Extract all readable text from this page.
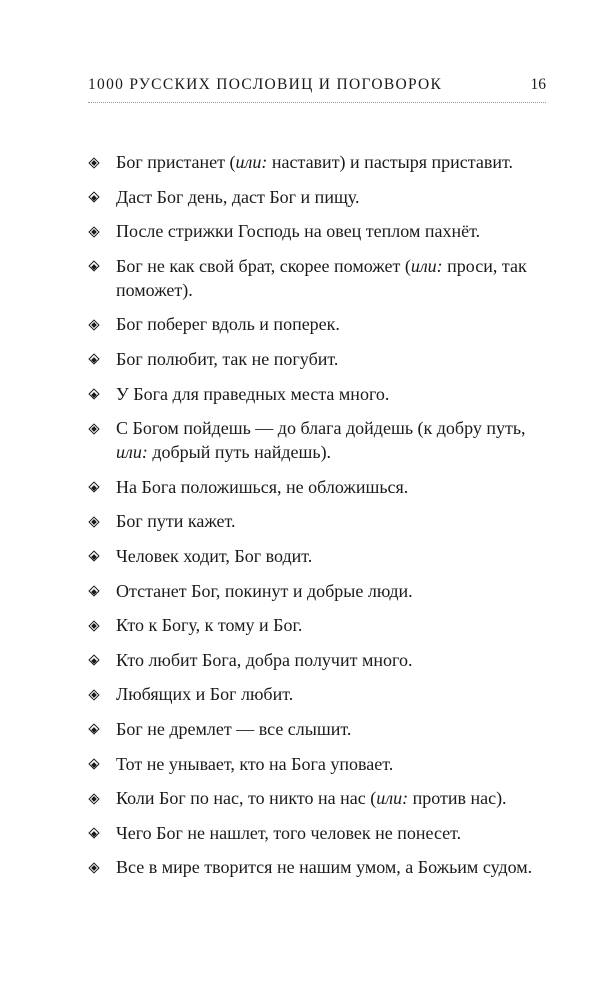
1000 РУССКИХ ПОСЛОВИЦ И ПОГОВОРОК	16
Бог пристанет (или: наставит) и пастыря приставит.
Даст Бог день, даст Бог и пищу.
После стрижки Господь на овец теплом пахнёт.
Бог не как свой брат, скорее поможет (или: проси, так поможет).
Бог поберег вдоль и поперек.
Бог полюбит, так не погубит.
У Бога для праведных места много.
С Богом пойдешь — до блага дойдешь (к добру путь, или: добрый путь найдешь).
На Бога положишься, не обложишься.
Бог пути кажет.
Человек ходит, Бог водит.
Отстанет Бог, покинут и добрые люди.
Кто к Богу, к тому и Бог.
Кто любит Бога, добра получит много.
Любящих и Бог любит.
Бог не дремлет — все слышит.
Тот не унывает, кто на Бога уповает.
Коли Бог по нас, то никто на нас (или: против нас).
Чего Бог не нашлет, того человек не понесет.
Все в мире творится не нашим умом, а Божьим судом.
